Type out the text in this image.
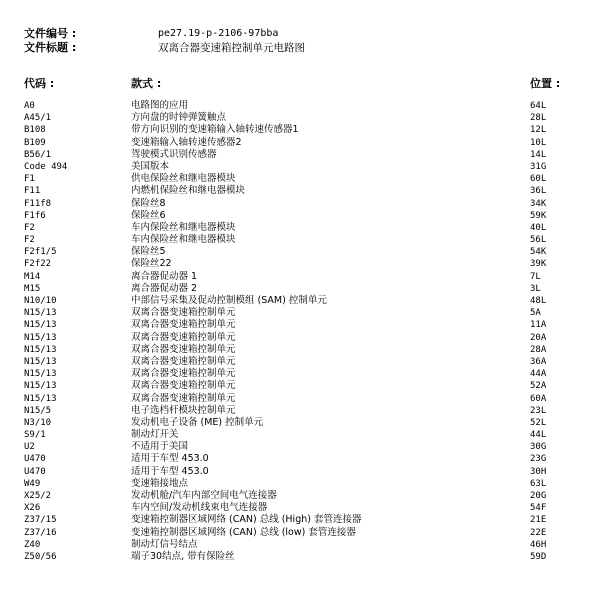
文件编号 :	pe27.19-p-2106-97bba
文件标题 :	双离合器变速箱控制单元电路图
代码 :	款式 :	位置 :
A0	电路图的应用	64L
A45/1	方向盘的时钟弹簧触点	28L
B108	带方向识别的变速箱输入轴转速传感器1	12L
B109	变速箱输入轴转速传感器2	10L
B56/1	驾驶模式识别传感器	14L
Code 494	美国版本	31G
F1	供电保险丝和继电器模块	60L
F11	内燃机保险丝和继电器模块	36L
F11f8	保险丝8	34K
F1f6	保险丝6	59K
F2	车内保险丝和继电器模块	40L
F2	车内保险丝和继电器模块	56L
F2f1/5	保险丝5	54K
F2f22	保险丝22	39K
M14	离合器促动器 1	7L
M15	离合器促动器 2	3L
N10/10	中部信号采集及促动控制模组 (SAM) 控制单元	48L
N15/13	双离合器变速箱控制单元	5A
N15/13	双离合器变速箱控制单元	11A
N15/13	双离合器变速箱控制单元	20A
N15/13	双离合器变速箱控制单元	28A
N15/13	双离合器变速箱控制单元	36A
N15/13	双离合器变速箱控制单元	44A
N15/13	双离合器变速箱控制单元	52A
N15/13	双离合器变速箱控制单元	60A
N15/5	电子选档杆模块控制单元	23L
N3/10	发动机电子设备 (ME) 控制单元	52L
S9/1	制动灯开关	44L
U2	不适用于美国	30G
U470	适用于车型 453.0	23G
U470	适用于车型 453.0	30H
W49	变速箱接地点	63L
X25/2	发动机舱/汽车内部空间电气连接器	20G
X26	车内空间/发动机线束电气连接器	54F
Z37/15	变速箱控制器区域网络 (CAN) 总线 (High) 套管连接器	21E
Z37/16	变速箱控制器区域网络 (CAN) 总线 (low) 套管连接器	22E
Z40	制动灯信号结点	46H
Z50/56	端子30结点, 带有保险丝	59D
